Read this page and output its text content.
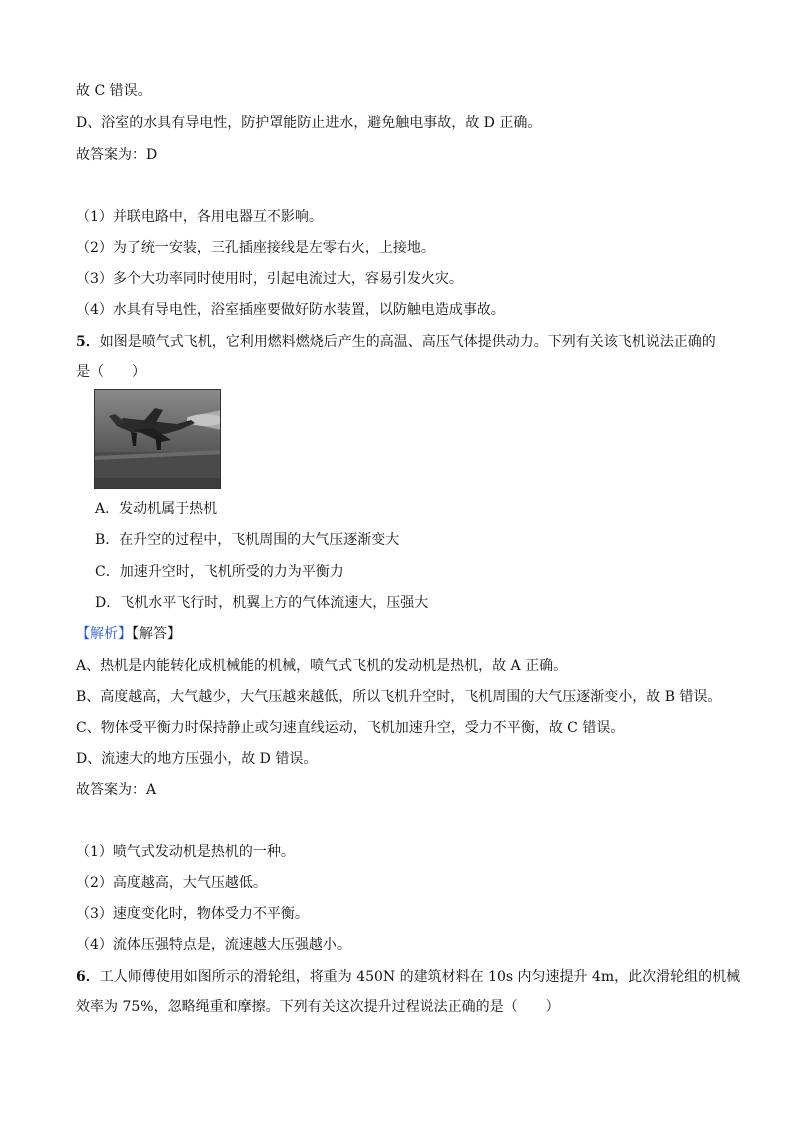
故 C 错误。
D、浴室的水具有导电性，防护罩能防止进水，避免触电事故，故 D 正确。
故答案为：D
（1）并联电路中，各用电器互不影响。
（2）为了统一安装，三孔插座接线是左零右火，上接地。
（3）多个大功率同时使用时，引起电流过大，容易引发火灾。
（4）水具有导电性，浴室插座要做好防水装置，以防触电造成事故。
5．如图是喷气式飞机，它利用燃料燃烧后产生的高温、高压气体提供动力。下列有关该飞机说法正确的
是（　　）
A．发动机属于热机
B．在升空的过程中，飞机周围的大气压逐渐变大
C．加速升空时，飞机所受的力为平衡力
D．飞机水平飞行时，机翼上方的气体流速大，压强大
【解析】【解答】
A、热机是内能转化成机械能的机械，喷气式飞机的发动机是热机，故 A 正确。
B、高度越高，大气越少，大气压越来越低，所以飞机升空时，飞机周围的大气压逐渐变小，故 B 错误。
C、物体受平衡力时保持静止或匀速直线运动，飞机加速升空，受力不平衡，故 C 错误。
D、流速大的地方压强小，故 D 错误。
故答案为：A
（1）喷气式发动机是热机的一种。
（2）高度越高，大气压越低。
（3）速度变化时，物体受力不平衡。
（4）流体压强特点是，流速越大压强越小。
6．工人师傅使用如图所示的滑轮组，将重为 450N 的建筑材料在 10s 内匀速提升 4m，此次滑轮组的机械
效率为 75%，忽略绳重和摩擦。下列有关这次提升过程说法正确的是（　　）
